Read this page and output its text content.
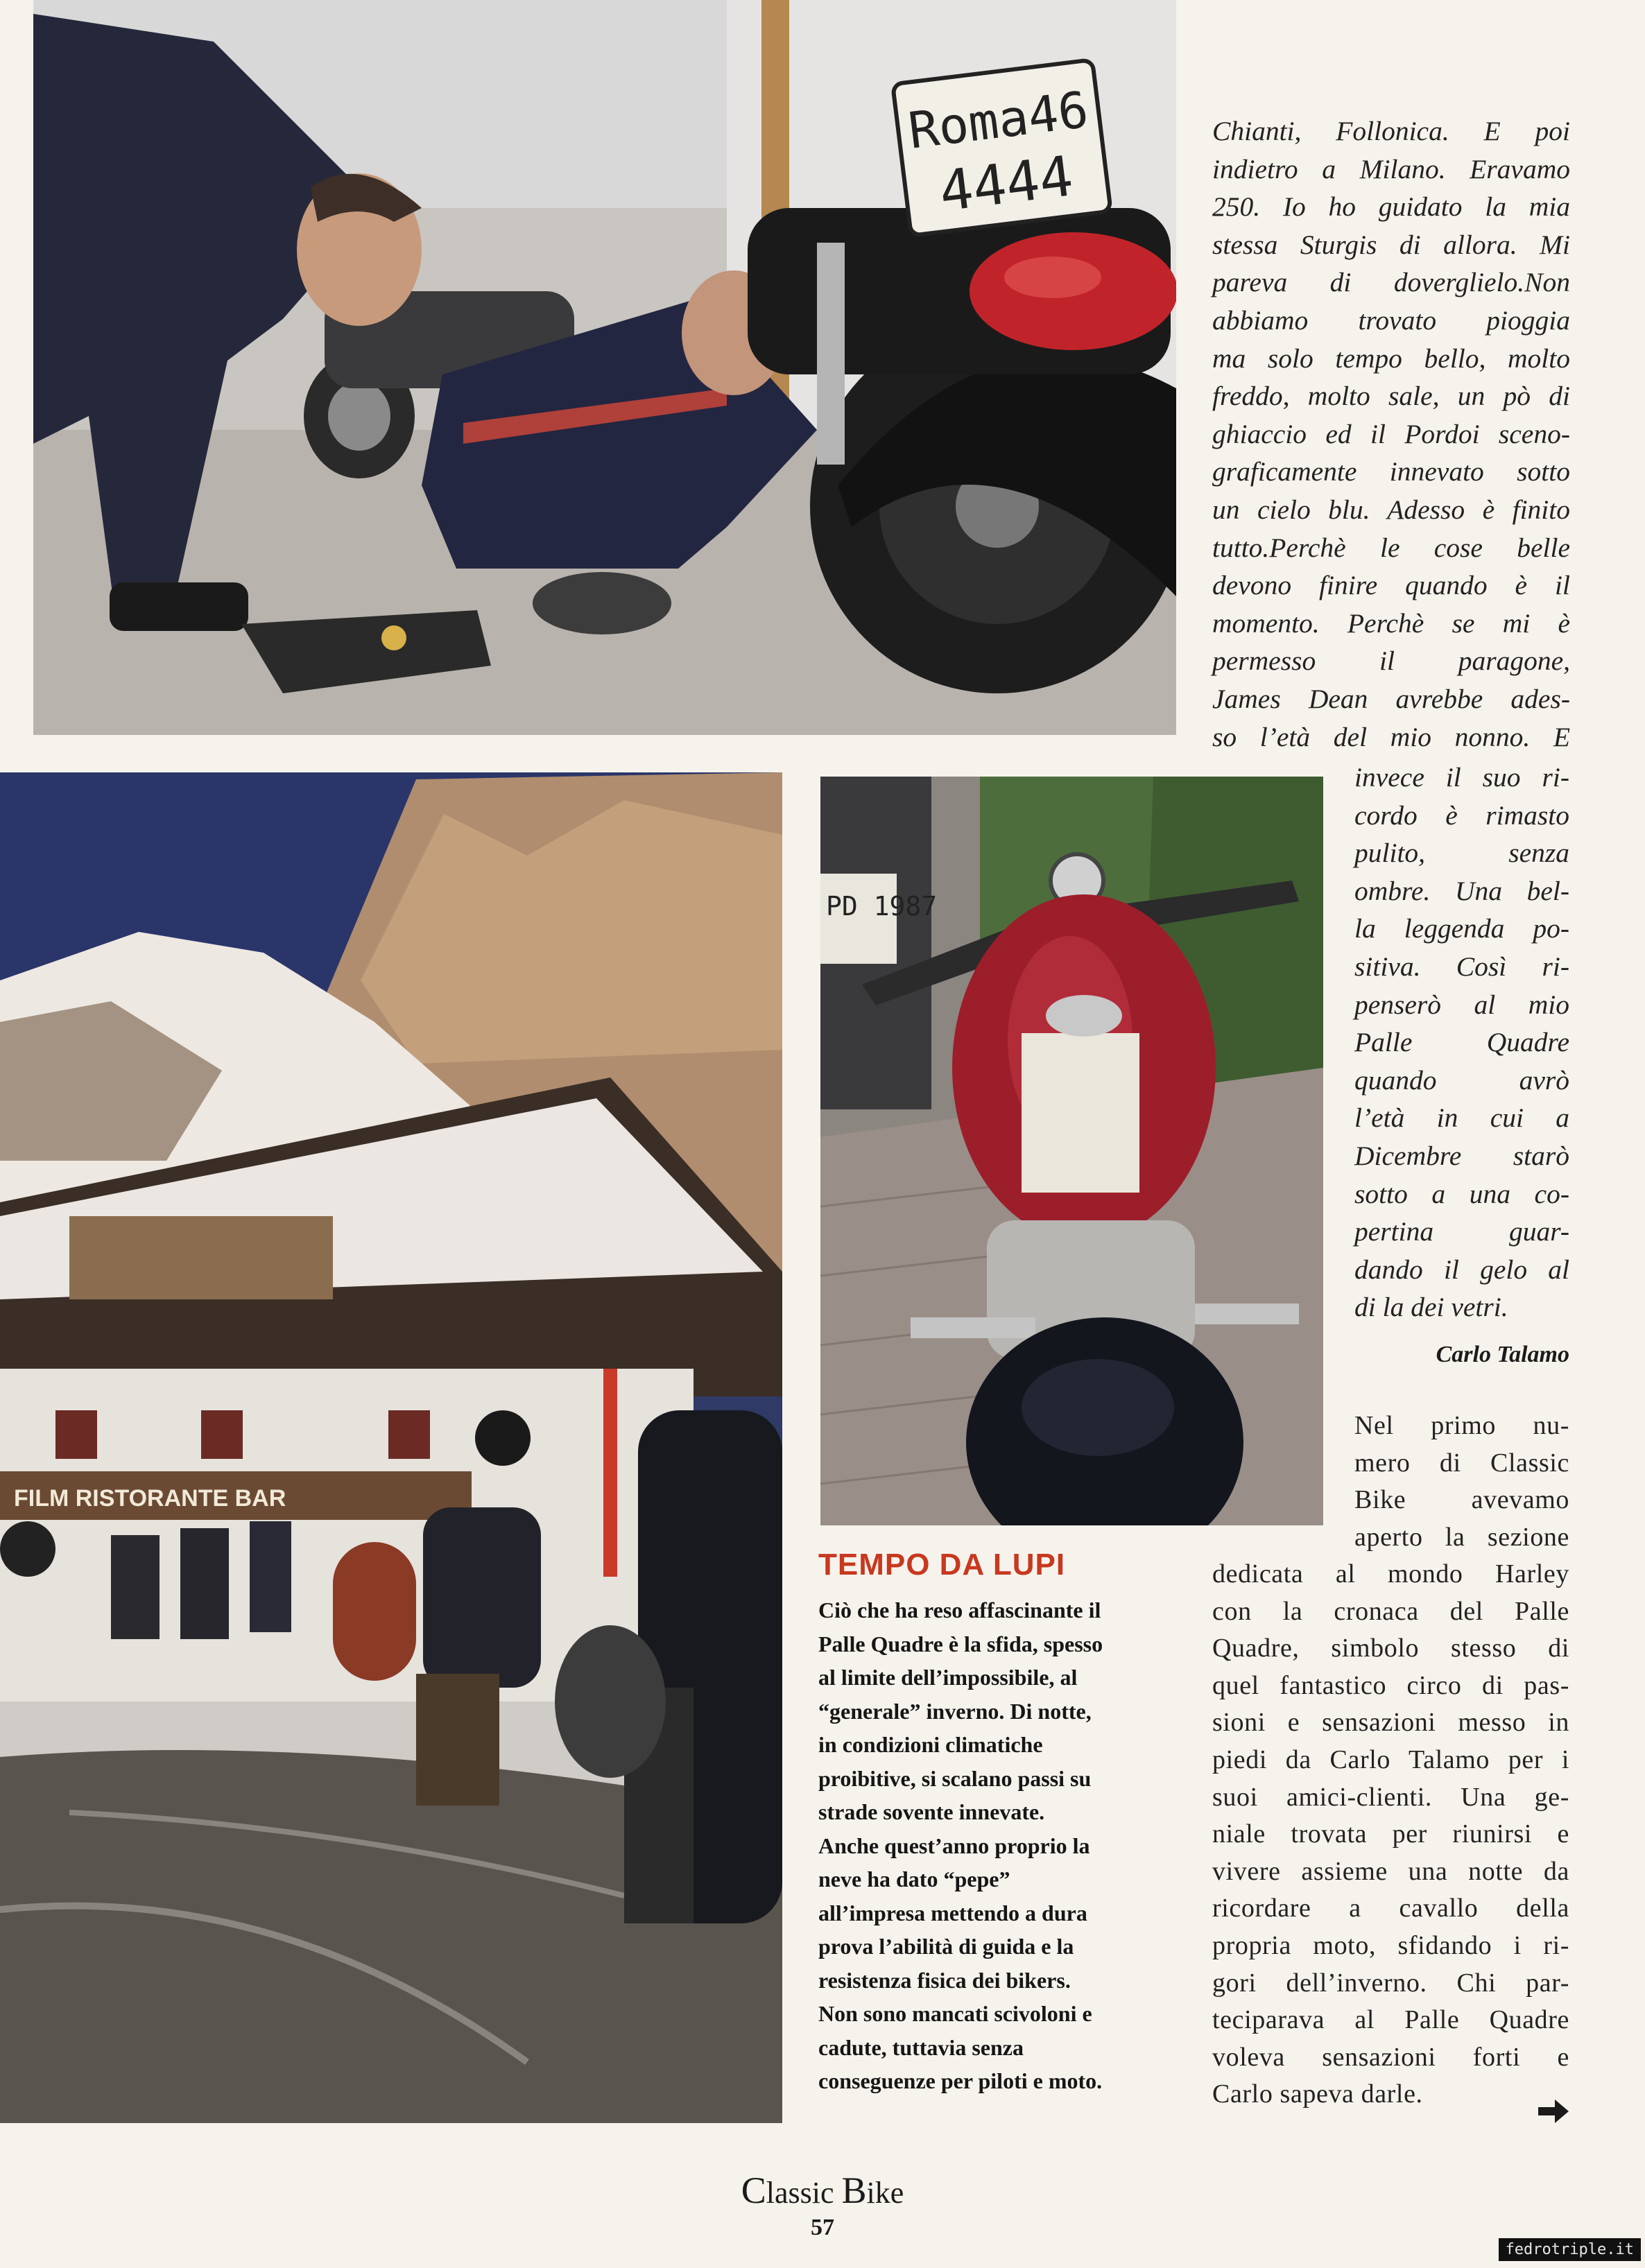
Roma46
4444
FILM RISTORANTE BAR
PD 1987
Chianti, Follonica. E poi
indietro a Milano. Eravamo
250. Io ho guidato la mia
stessa Sturgis di allora. Mi
pareva di doverglielo.Non
abbiamo trovato pioggia
ma solo tempo bello, molto
freddo, molto sale, un pò di
ghiaccio ed il Pordoi sceno-
graficamente innevato sotto
un cielo blu. Adesso è finito
tutto.Perchè le cose belle
devono finire quando è il
momento. Perchè se mi è
permesso il paragone,
James Dean avrebbe ades-
so l’età del mio nonno. E
invece il suo ri-
cordo è rimasto
pulito, senza
ombre. Una bel-
la leggenda po-
sitiva. Così ri-
penserò al mio
Palle Quadre
quando avrò
l’età in cui a
Dicembre starò
sotto a una co-
pertina guar-
dando il gelo al
di la dei vetri.
Carlo Talamo
Nel primo nu-
mero di Classic
Bike avevamo
aperto la sezione
dedicata al mondo Harley
con la cronaca del Palle
Quadre, simbolo stesso di
quel fantastico circo di pas-
sioni e sensazioni messo in
piedi da Carlo Talamo per i
suoi amici-clienti. Una ge-
niale trovata per riunirsi e
vivere assieme una notte da
ricordare a cavallo della
propria moto, sfidando i ri-
gori dell’inverno. Chi par-
teciparava al Palle Quadre
voleva sensazioni forti e
Carlo sapeva darle.
TEMPO DA LUPI
Ciò che ha reso affascinante il
Palle Quadre è la sfida, spesso
al limite dell’impossibile, al
“generale” inverno. Di notte,
in condizioni climatiche
proibitive, si scalano passi su
strade sovente innevate.
Anche quest’anno proprio la
neve ha dato “pepe”
all’impresa mettendo a dura
prova l’abilità di guida e la
resistenza fisica dei bikers.
Non sono mancati scivoloni e
cadute, tuttavia senza
conseguenze per piloti e moto.
Classic Bike
57
fedrotriple.it
